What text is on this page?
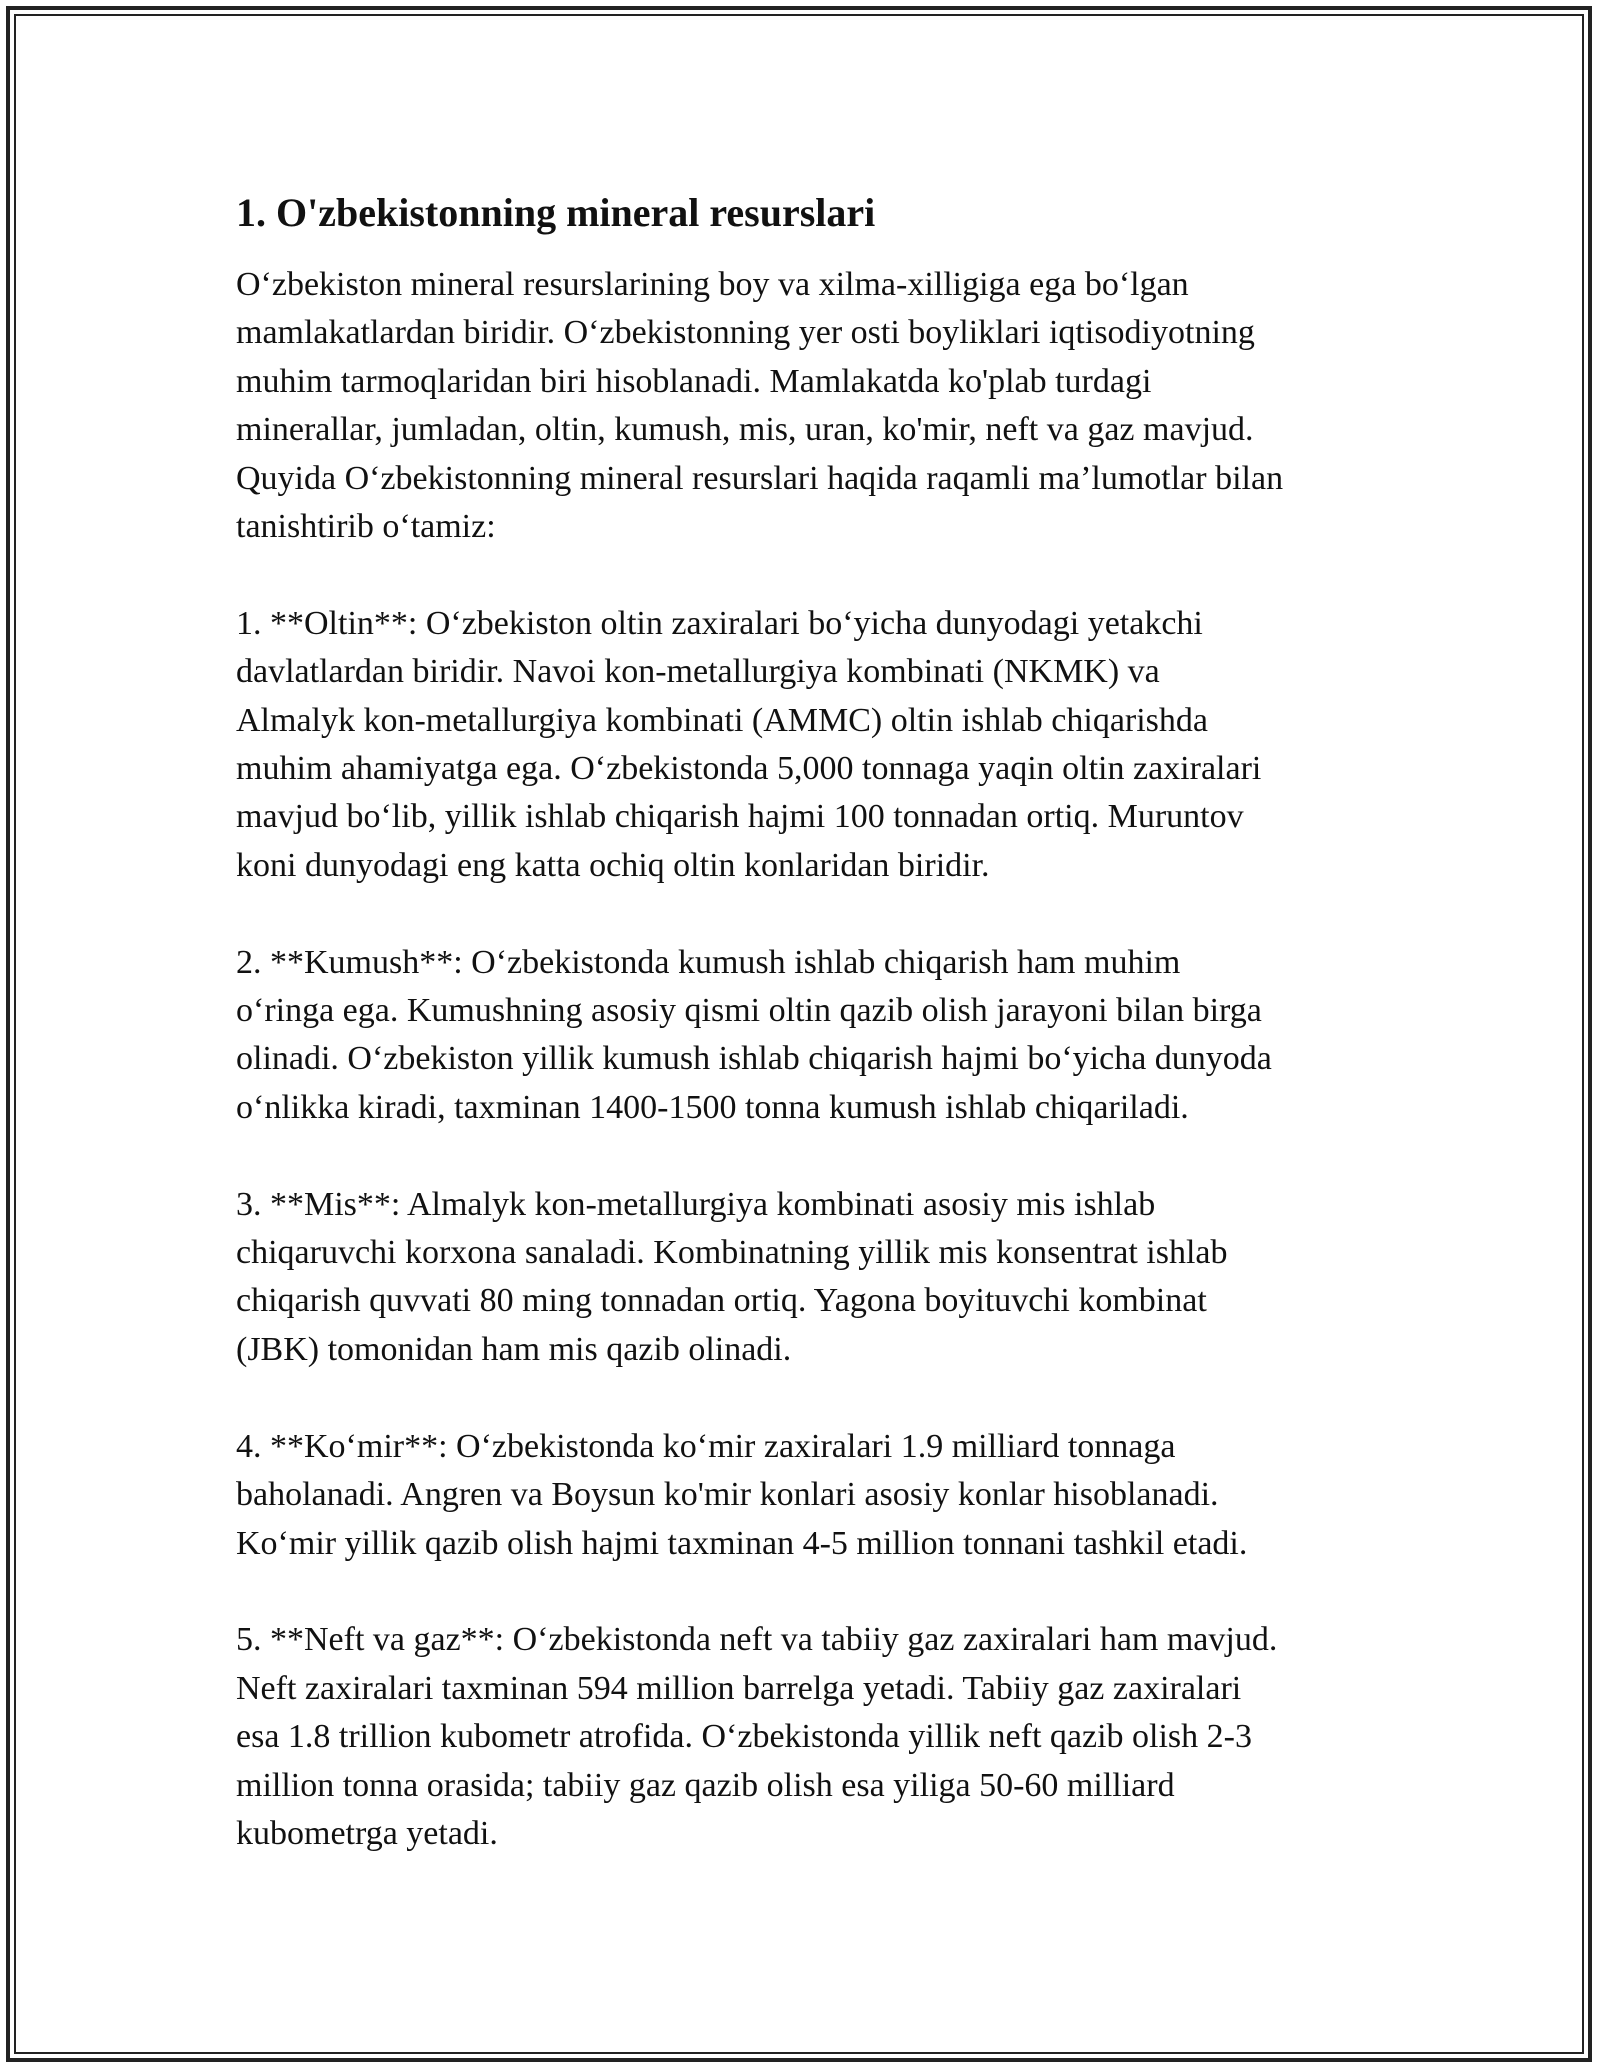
1. O'zbekistonning mineral resurslari
O‘zbekiston mineral resurslarining boy va xilma-xilligiga ega bo‘lgan
mamlakatlardan biridir. O‘zbekistonning yer osti boyliklari iqtisodiyotning
muhim tarmoqlaridan biri hisoblanadi. Mamlakatda ko'plab turdagi
minerallar, jumladan, oltin, kumush, mis, uran, ko'mir, neft va gaz mavjud.
Quyida O‘zbekistonning mineral resurslari haqida raqamli ma’lumotlar bilan
tanishtirib o‘tamiz:
1. **Oltin**: O‘zbekiston oltin zaxiralari bo‘yicha dunyodagi yetakchi
davlatlardan biridir. Navoi kon-metallurgiya kombinati (NKMK) va
Almalyk kon-metallurgiya kombinati (AMMC) oltin ishlab chiqarishda
muhim ahamiyatga ega. O‘zbekistonda 5,000 tonnaga yaqin oltin zaxiralari
mavjud bo‘lib, yillik ishlab chiqarish hajmi 100 tonnadan ortiq. Muruntov
koni dunyodagi eng katta ochiq oltin konlaridan biridir.
2. **Kumush**: O‘zbekistonda kumush ishlab chiqarish ham muhim
o‘ringa ega. Kumushning asosiy qismi oltin qazib olish jarayoni bilan birga
olinadi. O‘zbekiston yillik kumush ishlab chiqarish hajmi bo‘yicha dunyoda
o‘nlikka kiradi, taxminan 1400-1500 tonna kumush ishlab chiqariladi.
3. **Mis**: Almalyk kon-metallurgiya kombinati asosiy mis ishlab
chiqaruvchi korxona sanaladi. Kombinatning yillik mis konsentrat ishlab
chiqarish quvvati 80 ming tonnadan ortiq. Yagona boyituvchi kombinat
(JBK) tomonidan ham mis qazib olinadi.
4. **Ko‘mir**: O‘zbekistonda ko‘mir zaxiralari 1.9 milliard tonnaga
baholanadi. Angren va Boysun ko'mir konlari asosiy konlar hisoblanadi.
Ko‘mir yillik qazib olish hajmi taxminan 4-5 million tonnani tashkil etadi.
5. **Neft va gaz**: O‘zbekistonda neft va tabiiy gaz zaxiralari ham mavjud.
Neft zaxiralari taxminan 594 million barrelga yetadi. Tabiiy gaz zaxiralari
esa 1.8 trillion kubometr atrofida. O‘zbekistonda yillik neft qazib olish 2-3
million tonna orasida; tabiiy gaz qazib olish esa yiliga 50-60 milliard
kubometrga yetadi.
